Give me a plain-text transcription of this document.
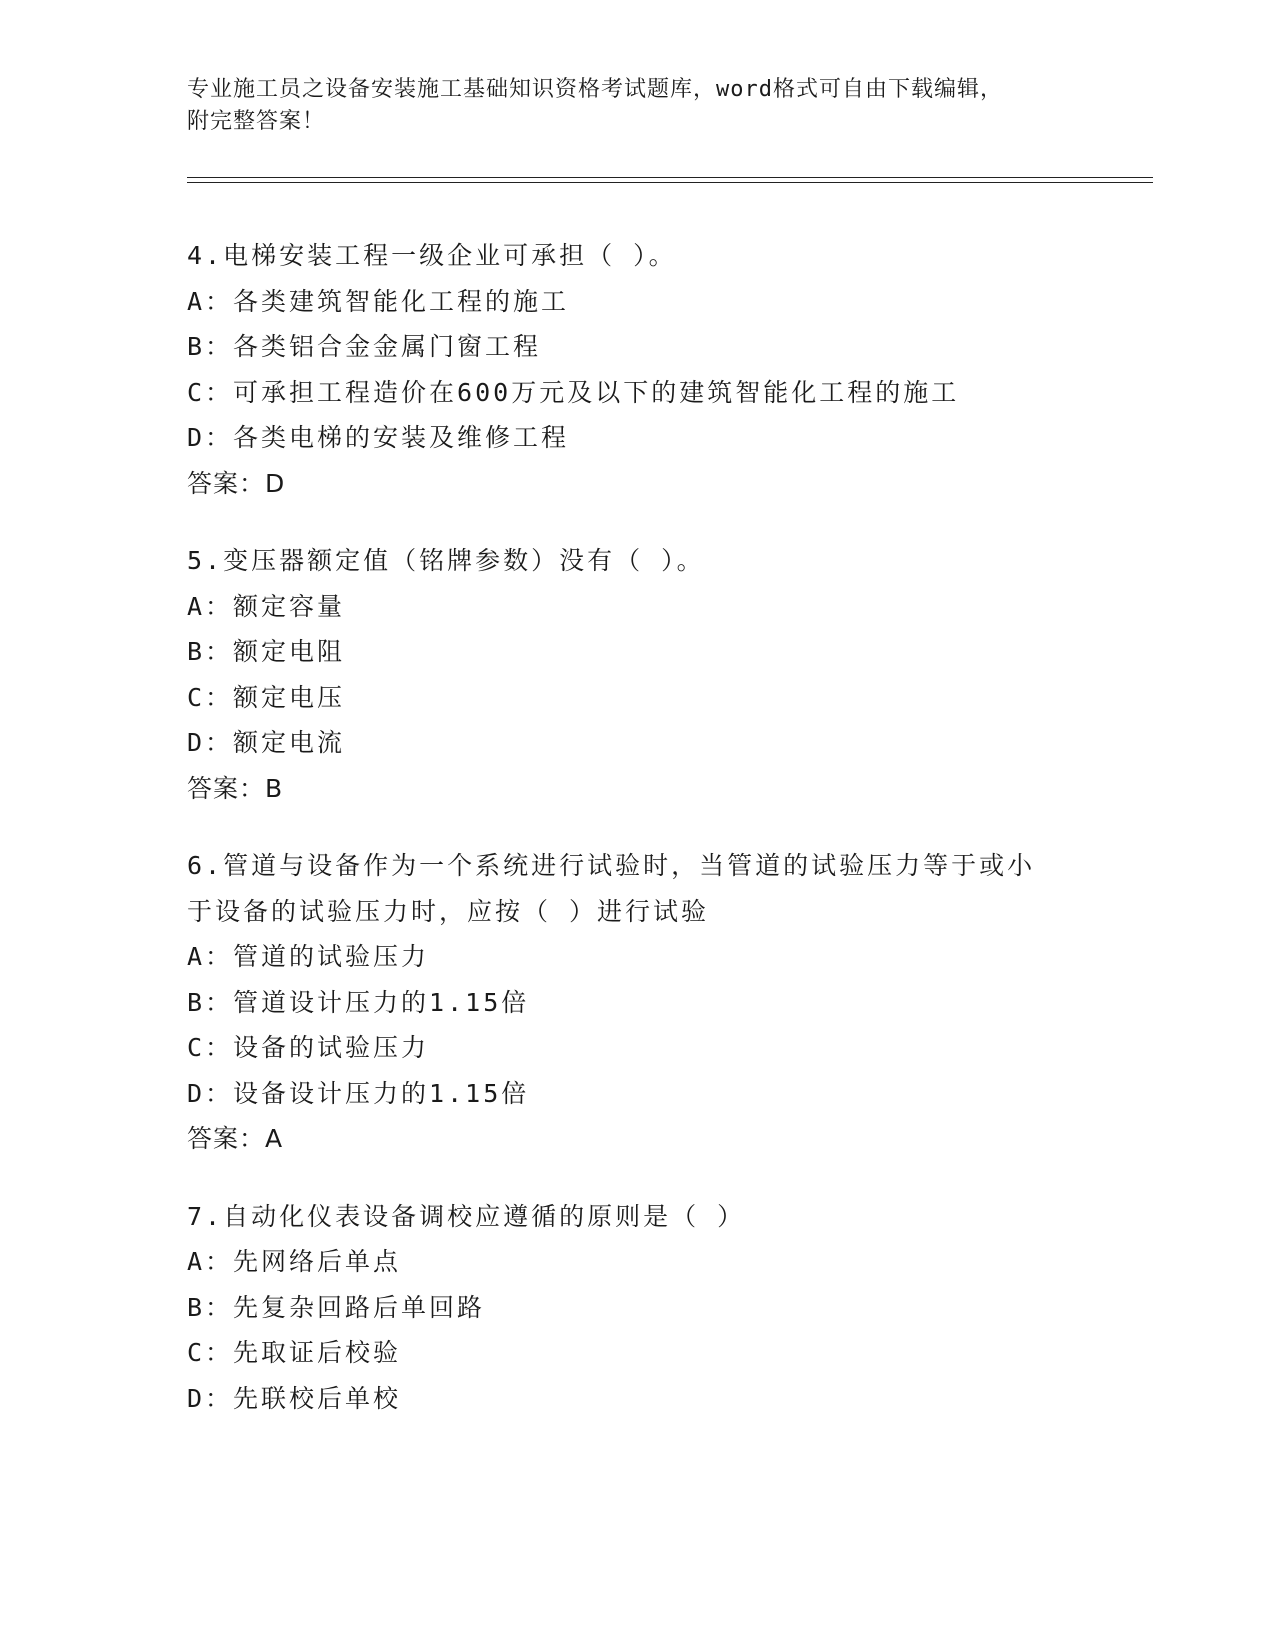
专业施工员之设备安装施工基础知识资格考试题库，word格式可自由下载编辑，
附完整答案！
4.电梯安装工程一级企业可承担（ ）。
A：各类建筑智能化工程的施工
B：各类铝合金金属门窗工程
C：可承担工程造价在600万元及以下的建筑智能化工程的施工
D：各类电梯的安装及维修工程
答案：D
5.变压器额定值（铭牌参数）没有（ ）。
A：额定容量
B：额定电阻
C：额定电压
D：额定电流
答案：B
6.管道与设备作为一个系统进行试验时，当管道的试验压力等于或小
于设备的试验压力时，应按（ ）进行试验
A：管道的试验压力
B：管道设计压力的1.15倍
C：设备的试验压力
D：设备设计压力的1.15倍
答案：A
7.自动化仪表设备调校应遵循的原则是（ ）
A：先网络后单点
B：先复杂回路后单回路
C：先取证后校验
D：先联校后单校
